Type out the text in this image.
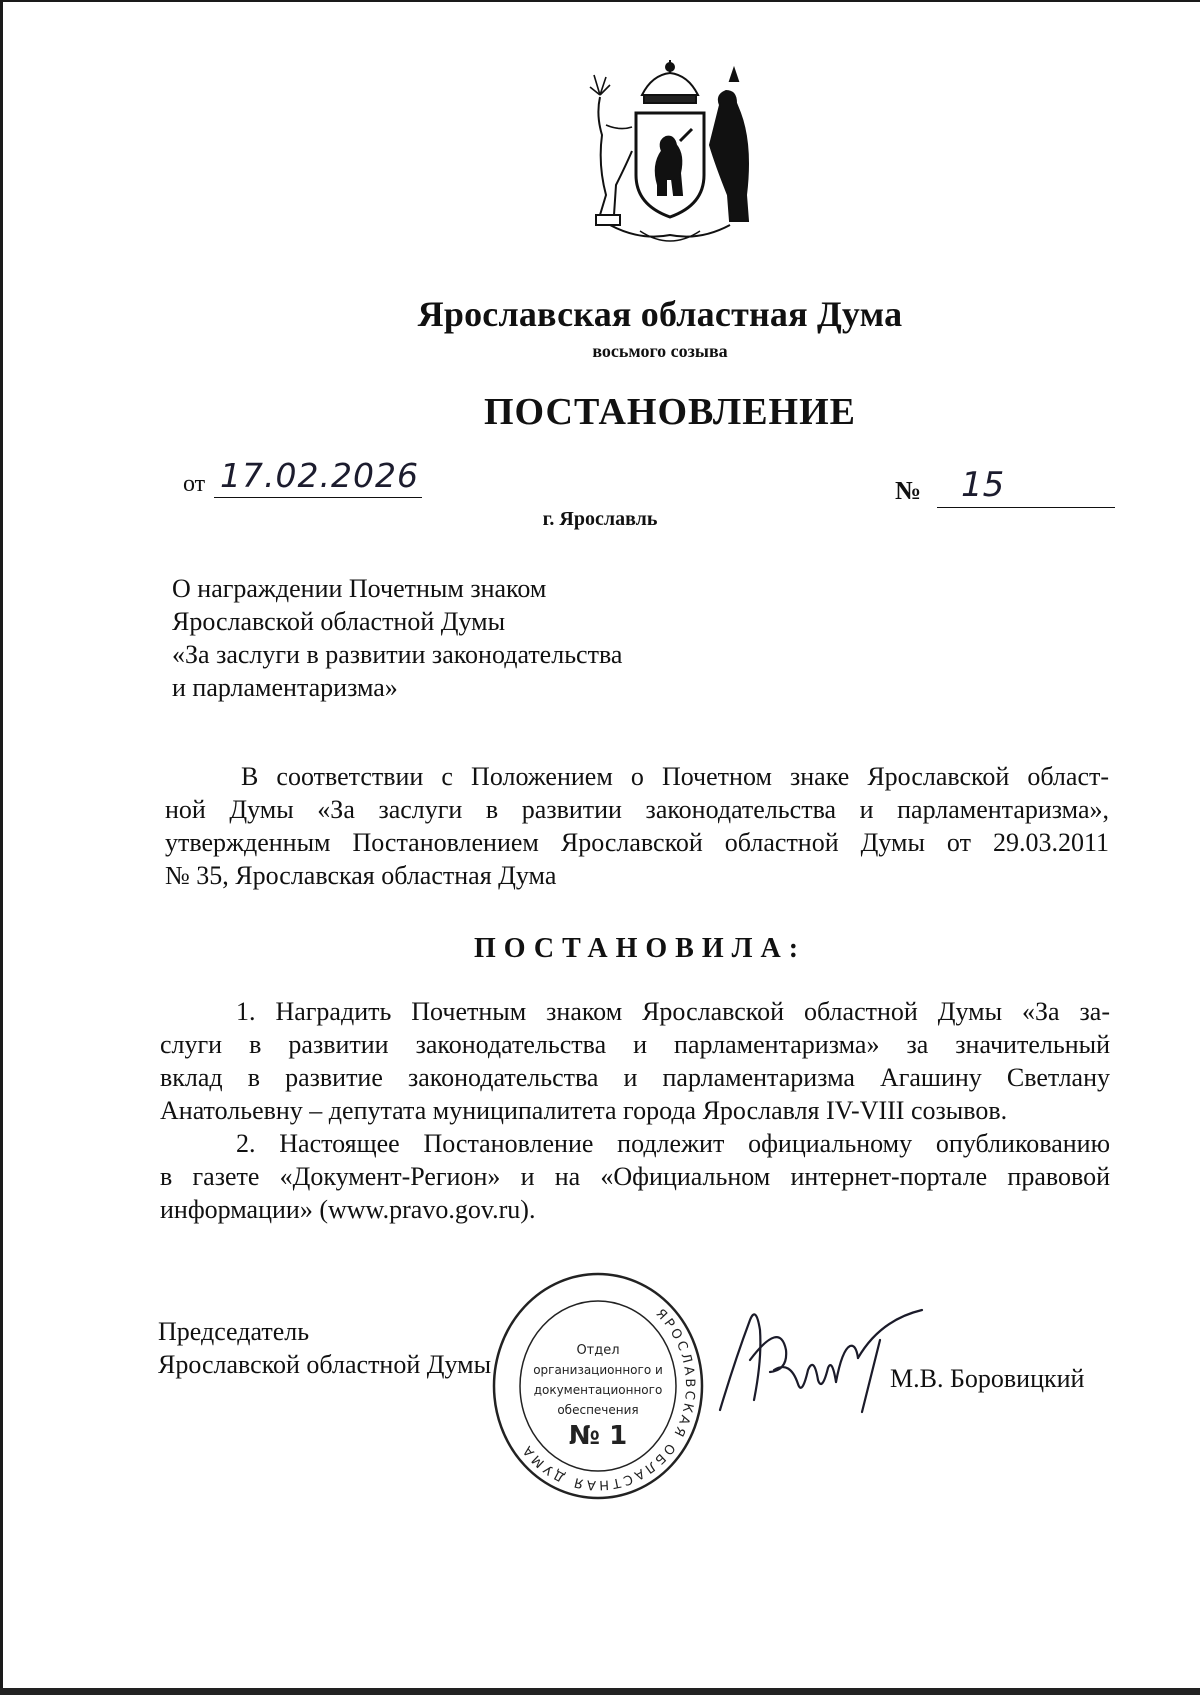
Ярославская областная Дума
восьмого созыва
ПОСТАНОВЛЕНИЕ
от 17.02.2026	№	15
г. Ярославль
О награждении Почетным знаком
Ярославской областной Думы
«За заслуги в развитии законодательства
и парламентаризма»
В соответствии с Положением о Почетном знаке Ярославской област-
ной Думы «За заслуги в развитии законодательства и парламентаризма»,
утвержденным Постановлением Ярославской областной Думы от 29.03.2011
№ 35, Ярославская областная Дума
ПОСТАНОВИЛА:
1. Наградить Почетным знаком Ярославской областной Думы «За за-
слуги в развитии законодательства и парламентаризма» за значительный
вклад в развитие законодательства и парламентаризма Агашину Светлану
Анатольевну – депутата муниципалитета города Ярославля IV-VIII созывов.
2. Настоящее Постановление подлежит официальному опубликованию
в газете «Документ-Регион» и на «Официальном интернет-портале правовой
информации» (www.pravo.gov.ru).
Председатель
Ярославской областной Думы
ЯРОСЛАВСКАЯ ОБЛАСТНАЯ ДУМА
Отдел
организационного и
документационного
обеспечения
№ 1
М.В. Боровицкий
